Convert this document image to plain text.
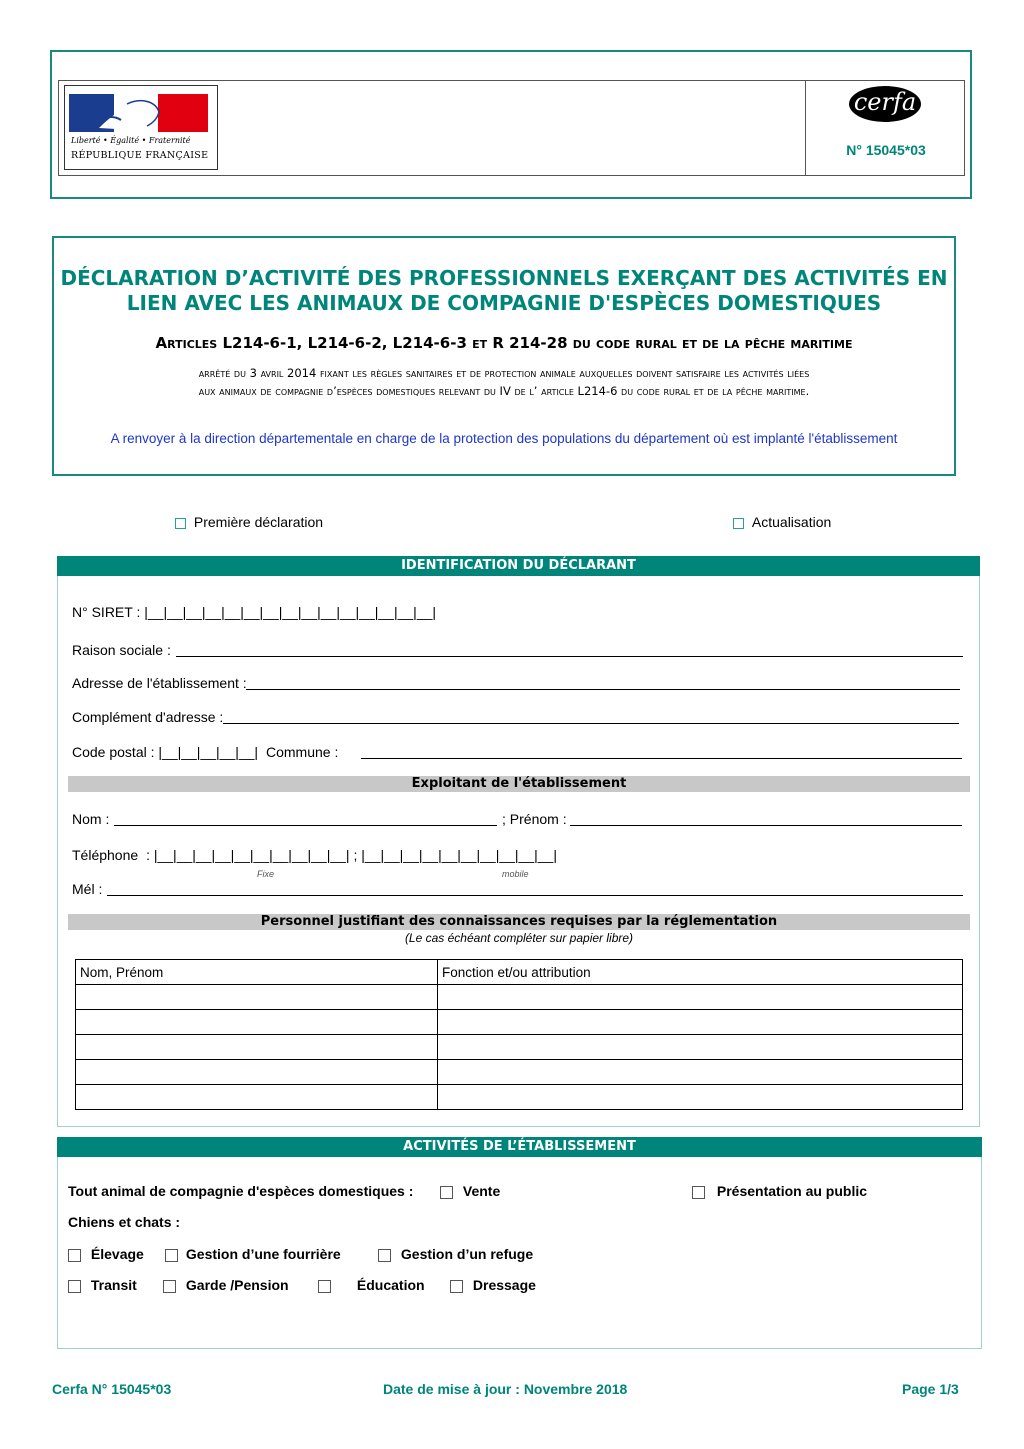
Liberté • Égalité • Fraternité
RÉPUBLIQUE FRANÇAISE
cerfa
N° 15045*03
DÉCLARATION D’ACTIVITÉ DES PROFESSIONNELS EXERÇANT DES ACTIVITÉS EN
LIEN AVEC LES ANIMAUX DE COMPAGNIE D'ESPÈCES DOMESTIQUES
Articles L214-6-1, L214-6-2, L214-6-3 et R 214-28 du code rural et de la pêche maritime
arrêté du 3 avril 2014 fixant les règles sanitaires et de protection animale auxquelles doivent satisfaire les activités liées
aux animaux de compagnie d’espèces domestiques relevant du IV de l’ article L214-6 du code rural et de la pêche maritime.
A renvoyer à la direction départementale en charge de la protection des populations du département où est implanté l'établissement
Première déclaration	Actualisation
IDENTIFICATION DU DÉCLARANT
N° SIRET : |__|__|__|__|__|__|__|__|__|__|__|__|__|__|__|
Raison sociale :
Adresse de l'établissement :
Complément d'adresse :
Code postal : |__|__|__|__|__| Commune :
Exploitant de l'établissement
Nom :	; Prénom :
Téléphone : |__|__|__|__|__|__|__|__|__|__| ; |__|__|__|__|__|__|__|__|__|__|
Fixe	mobile
Mél :
Personnel justifiant des connaissances requises par la réglementation
(Le cas échéant compléter sur papier libre)
Nom, Prénom	Fonction et/ou attribution

ACTIVITÉS DE L’ÉTABLISSEMENT
Tout animal de compagnie d'espèces domestiques :	Vente	Présentation au public
Chiens et chats :
Élevage	Gestion d’une fourrière	Gestion d’un refuge
Transit	Garde /Pension	Éducation	Dressage
Cerfa N° 15045*03	Date de mise à jour : Novembre 2018	Page 1/3
